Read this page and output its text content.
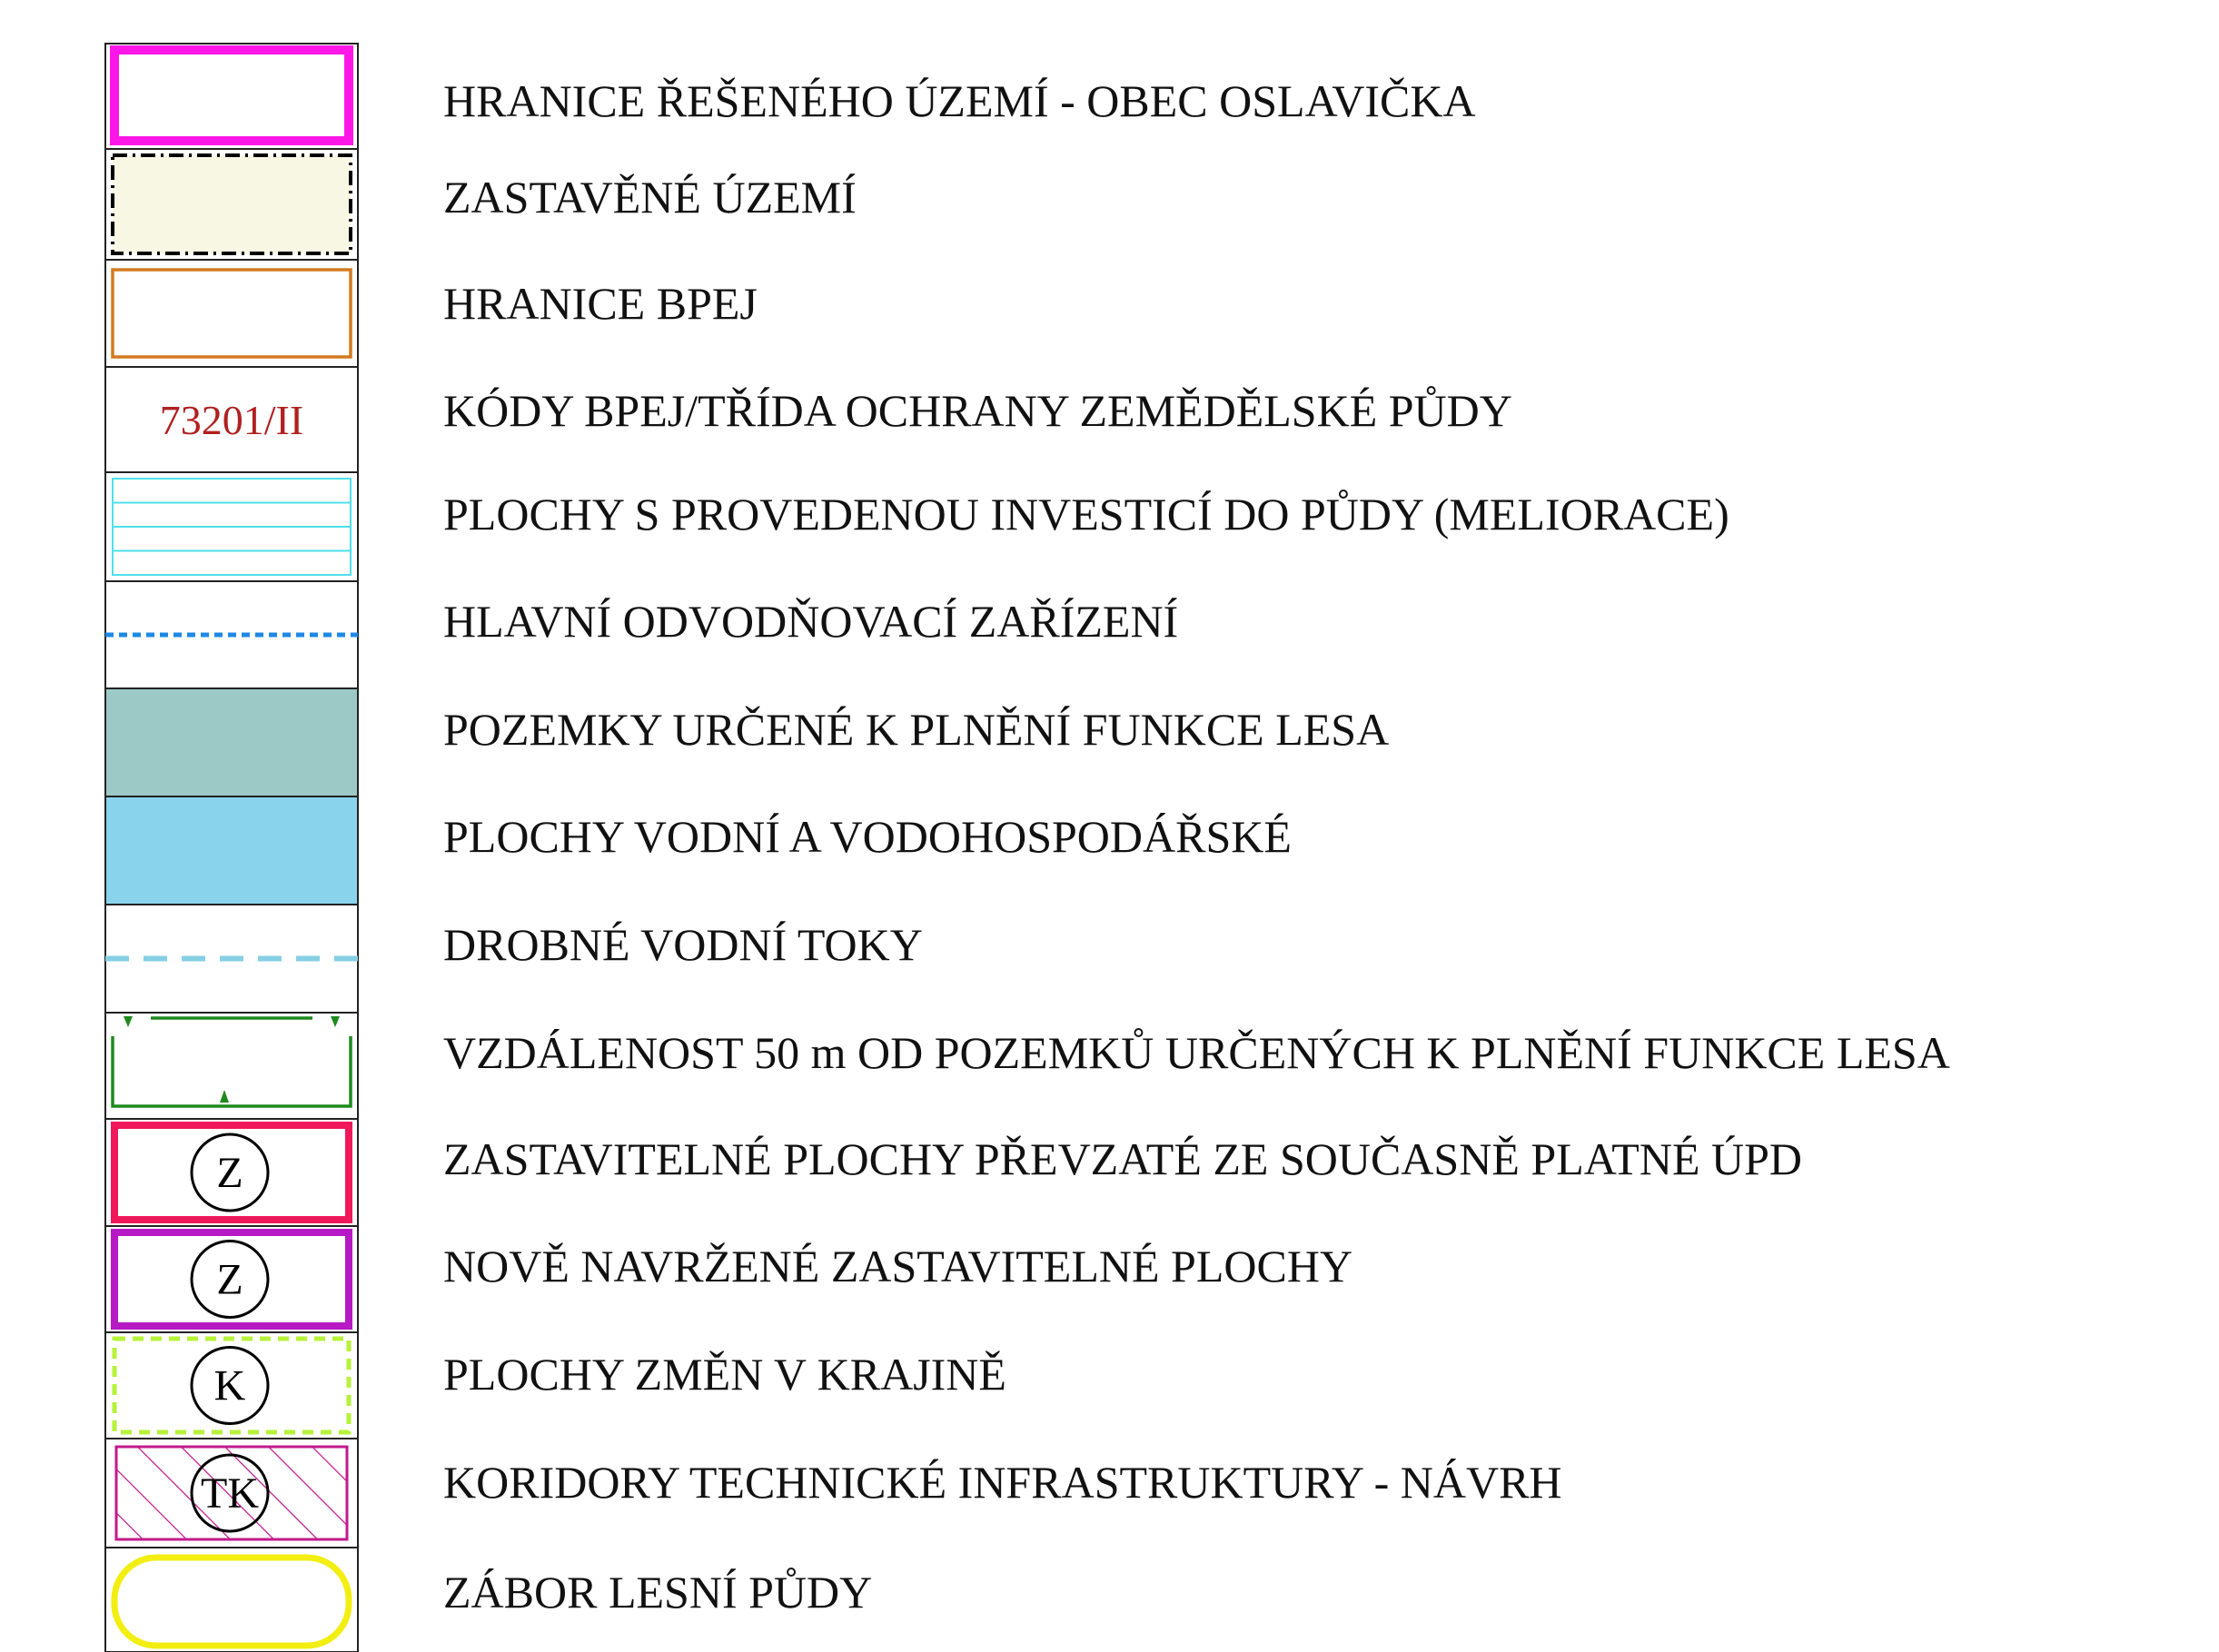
73201/II
Z
Z
K
TK
HRANICE ŘEŠENÉHO ÚZEMÍ - OBEC OSLAVIČKA
ZASTAVĚNÉ ÚZEMÍ
HRANICE BPEJ
KÓDY BPEJ/TŘÍDA OCHRANY ZEMĚDĚLSKÉ PŮDY
PLOCHY S PROVEDENOU INVESTICÍ DO PŮDY (MELIORACE)
HLAVNÍ ODVODŇOVACÍ ZAŘÍZENÍ
POZEMKY URČENÉ K PLNĚNÍ FUNKCE LESA
PLOCHY VODNÍ A VODOHOSPODÁŘSKÉ
DROBNÉ VODNÍ TOKY
VZDÁLENOST 50 m OD POZEMKŮ URČENÝCH K PLNĚNÍ FUNKCE LESA
ZASTAVITELNÉ PLOCHY PŘEVZATÉ ZE SOUČASNĚ PLATNÉ ÚPD
NOVĚ NAVRŽENÉ ZASTAVITELNÉ PLOCHY
PLOCHY ZMĚN V KRAJINĚ
KORIDORY TECHNICKÉ INFRASTRUKTURY - NÁVRH
ZÁBOR LESNÍ PŮDY
